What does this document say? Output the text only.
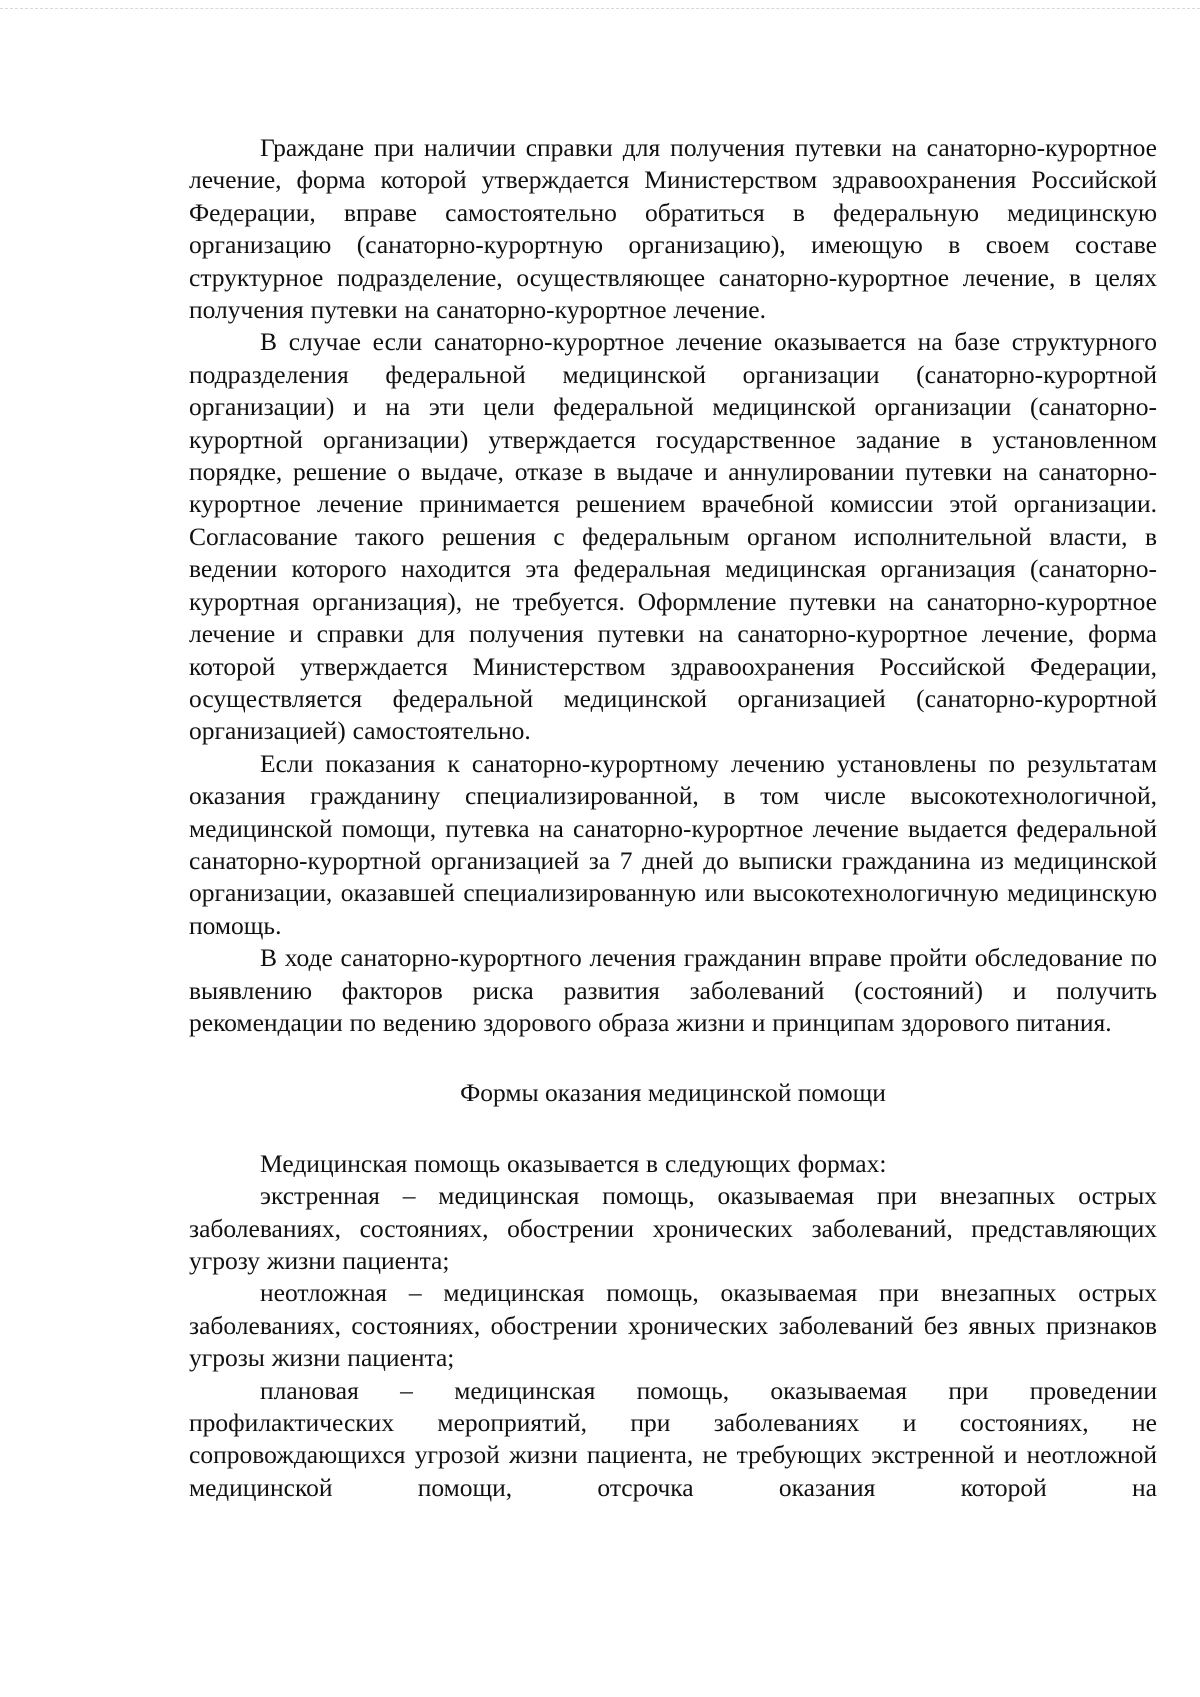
Граждане при наличии справки для получения путевки на санаторно-курортное лечение, форма которой утверждается Министерством здравоохранения Российской Федерации, вправе самостоятельно обратиться в федеральную медицинскую организацию (санаторно-курортную организацию), имеющую в своем составе структурное подразделение, осуществляющее санаторно-курортное лечение, в целях получения путевки на санаторно-курортное лечение.

В случае если санаторно-курортное лечение оказывается на базе структурного подразделения федеральной медицинской организации (санаторно-курортной организации) и на эти цели федеральной медицинской организации (санаторно-курортной организации) утверждается государственное задание в установленном порядке, решение о выдаче, отказе в выдаче и аннулировании путевки на санаторно-курортное лечение принимается решением врачебной комиссии этой организации. Согласование такого решения с федеральным органом исполнительной власти, в ведении которого находится эта федеральная медицинская организация (санаторно-курортная организация), не требуется. Оформление путевки на санаторно-курортное лечение и справки для получения путевки на санаторно-курортное лечение, форма которой утверждается Министерством здравоохранения Российской Федерации, осуществляется федеральной медицинской организацией (санаторно-курортной организацией) самостоятельно.

Если показания к санаторно-курортному лечению установлены по результатам оказания гражданину специализированной, в том числе высокотехнологичной, медицинской помощи, путевка на санаторно-курортное лечение выдается федеральной санаторно-курортной организацией за 7 дней до выписки гражданина из медицинской организации, оказавшей специализированную или высокотехнологичную медицинскую помощь.

В ходе санаторно-курортного лечения гражданин вправе пройти обследование по выявлению факторов риска развития заболеваний (состояний) и получить рекомендации по ведению здорового образа жизни и принципам здорового питания.

Формы оказания медицинской помощи

Медицинская помощь оказывается в следующих формах:

экстренная – медицинская помощь, оказываемая при внезапных острых заболеваниях, состояниях, обострении хронических заболеваний, представляющих угрозу жизни пациента;

неотложная – медицинская помощь, оказываемая при внезапных острых заболеваниях, состояниях, обострении хронических заболеваний без явных признаков угрозы жизни пациента;

плановая – медицинская помощь, оказываемая при проведении профилактических мероприятий, при заболеваниях и состояниях, не сопровождающихся угрозой жизни пациента, не требующих экстренной и неотложной медицинской помощи, отсрочка оказания которой на
